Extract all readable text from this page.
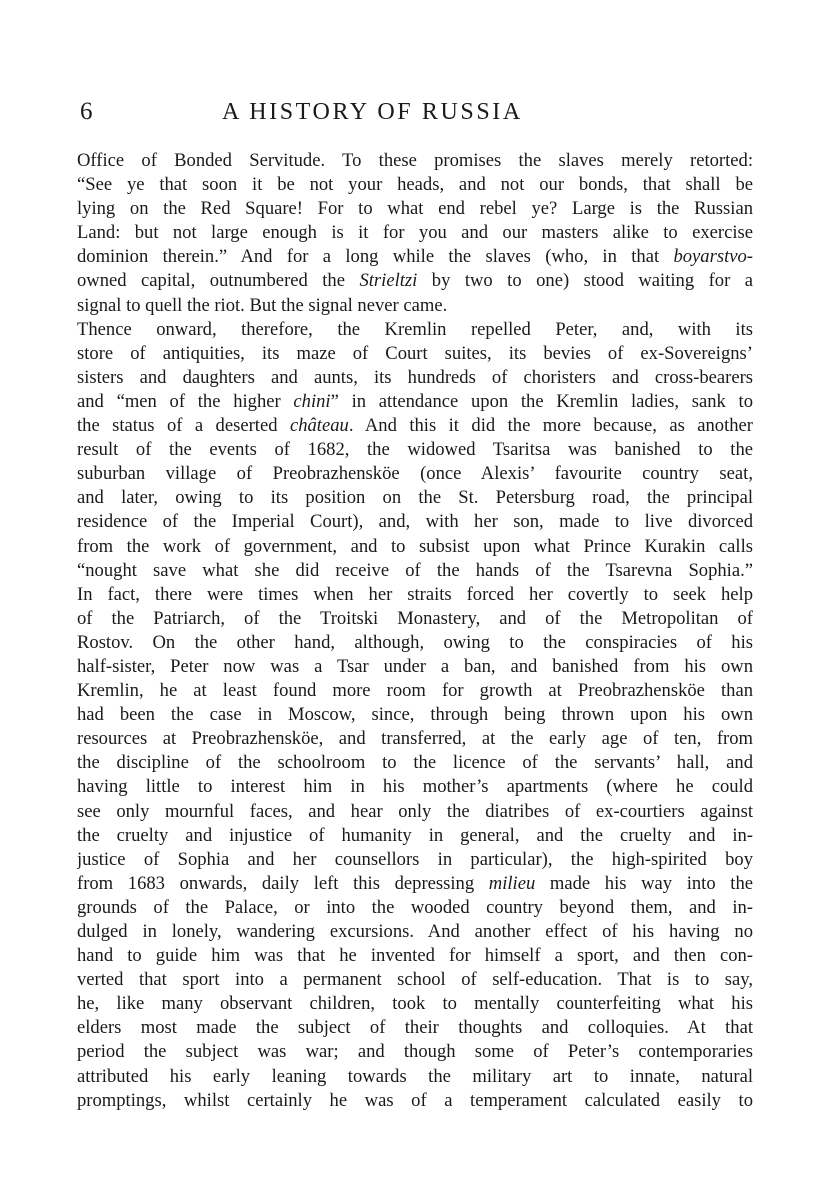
6	A HISTORY OF RUSSIA
Office of Bonded Servitude. To these promises the slaves merely retorted:
“See ye that soon it be not your heads, and not our bonds, that shall be
lying on the Red Square! For to what end rebel ye? Large is the Russian
Land: but not large enough is it for you and our masters alike to exercise
dominion therein.” And for a long while the slaves (who, in that boyarstvo-
owned capital, outnumbered the Strieltzi by two to one) stood waiting for a
signal to quell the riot. But the signal never came.
Thence onward, therefore, the Kremlin repelled Peter, and, with its
store of antiquities, its maze of Court suites, its bevies of ex-Sovereigns’
sisters and daughters and aunts, its hundreds of choristers and cross-bearers
and “men of the higher chini” in attendance upon the Kremlin ladies, sank to
the status of a deserted château. And this it did the more because, as another
result of the events of 1682, the widowed Tsaritsa was banished to the
suburban village of Preobrazhensköe (once Alexis’ favourite country seat,
and later, owing to its position on the St. Petersburg road, the principal
residence of the Imperial Court), and, with her son, made to live divorced
from the work of government, and to subsist upon what Prince Kurakin calls
“nought save what she did receive of the hands of the Tsarevna Sophia.”
In fact, there were times when her straits forced her covertly to seek help
of the Patriarch, of the Troitski Monastery, and of the Metropolitan of
Rostov. On the other hand, although, owing to the conspiracies of his
half-sister, Peter now was a Tsar under a ban, and banished from his own
Kremlin, he at least found more room for growth at Preobrazhensköe than
had been the case in Moscow, since, through being thrown upon his own
resources at Preobrazhensköe, and transferred, at the early age of ten, from
the discipline of the schoolroom to the licence of the servants’ hall, and
having little to interest him in his mother’s apartments (where he could
see only mournful faces, and hear only the diatribes of ex-courtiers against
the cruelty and injustice of humanity in general, and the cruelty and in-
justice of Sophia and her counsellors in particular), the high-spirited boy
from 1683 onwards, daily left this depressing milieu made his way into the
grounds of the Palace, or into the wooded country beyond them, and in-
dulged in lonely, wandering excursions. And another effect of his having no
hand to guide him was that he invented for himself a sport, and then con-
verted that sport into a permanent school of self-education. That is to say,
he, like many observant children, took to mentally counterfeiting what his
elders most made the subject of their thoughts and colloquies. At that
period the subject was war; and though some of Peter’s contemporaries
attributed his early leaning towards the military art to innate, natural
promptings, whilst certainly he was of a temperament calculated easily to
